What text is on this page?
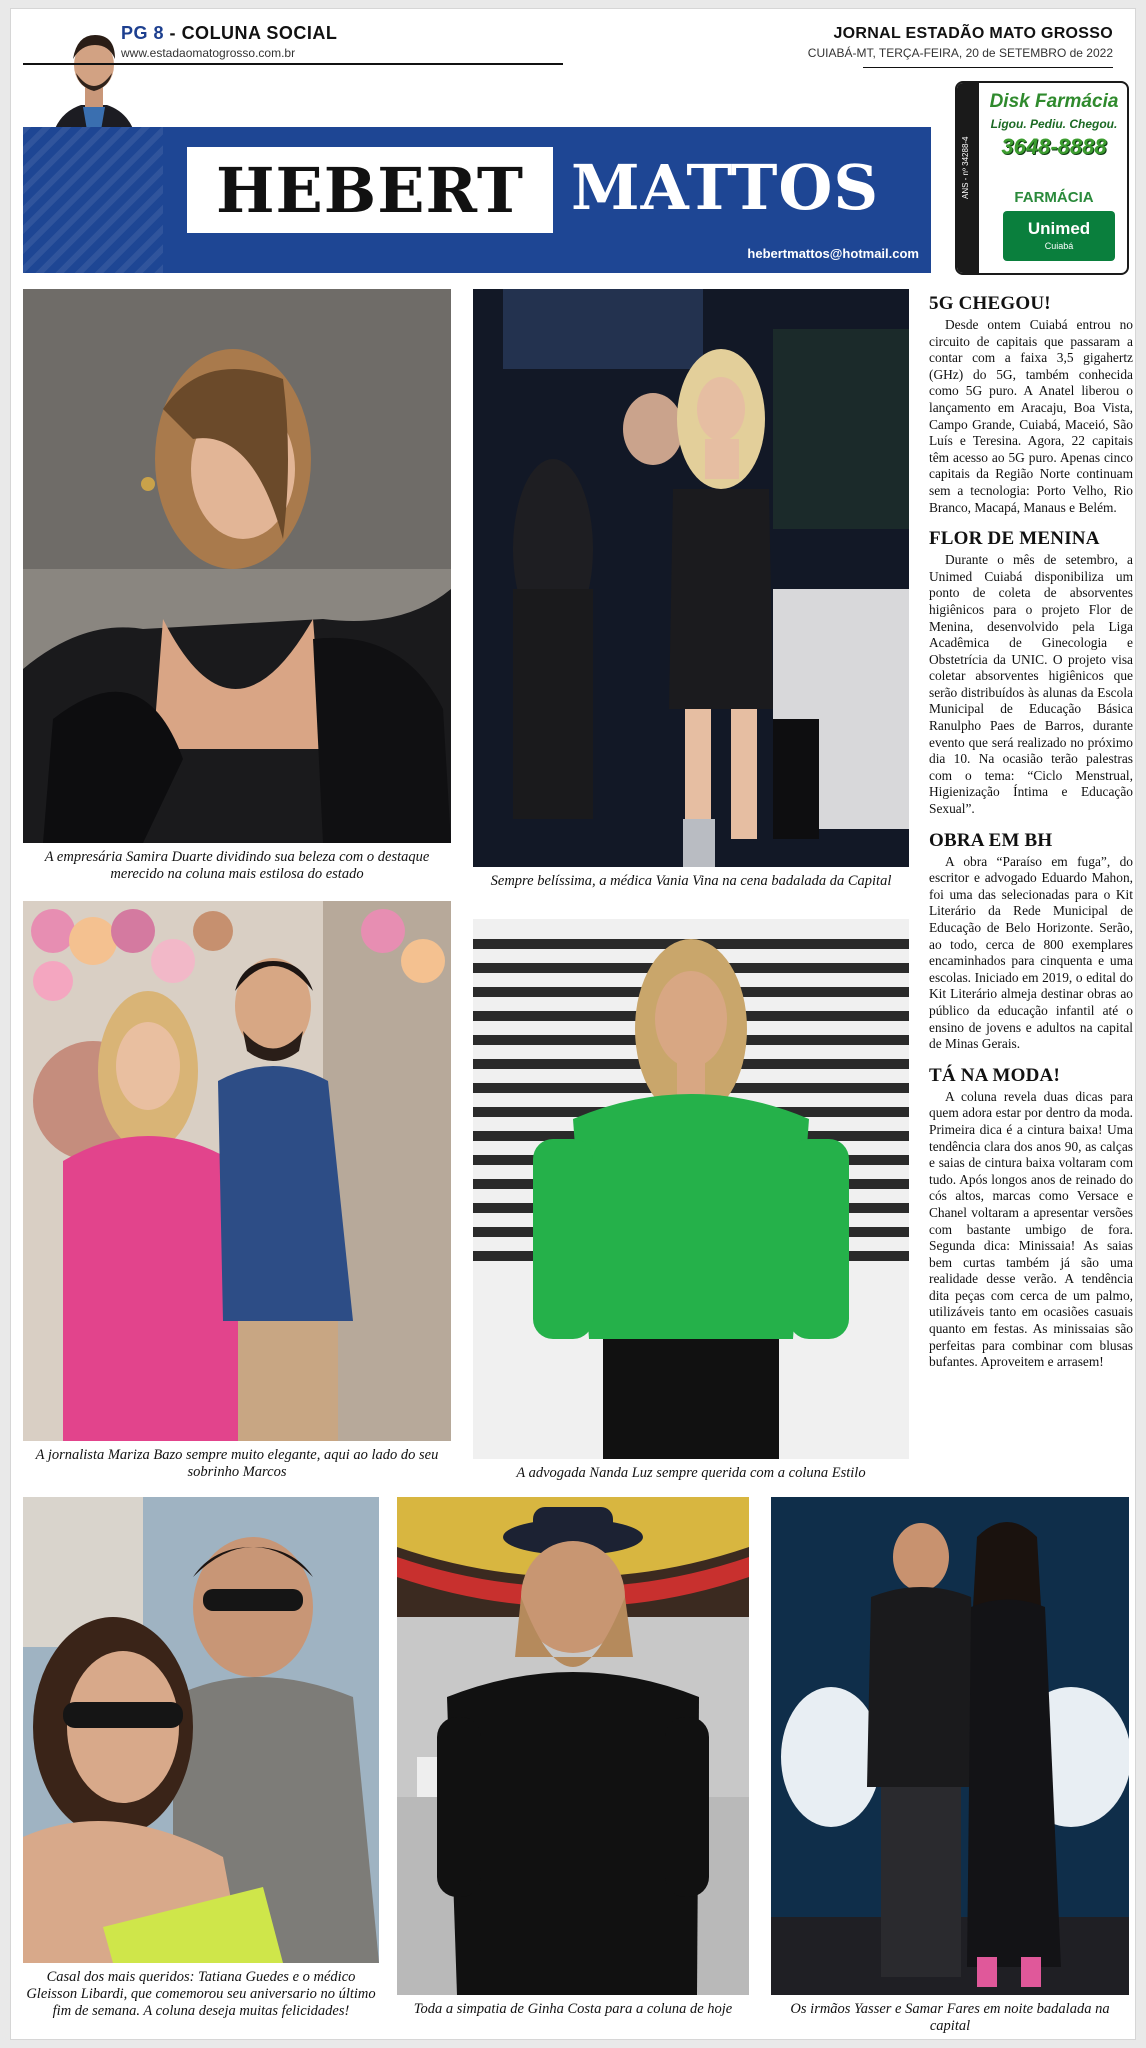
PG 8 - COLUNA SOCIAL
www.estadaomatogrosso.com.br
JORNAL ESTADÃO MATO GROSSO
CUIABÁ-MT, TERÇA-FEIRA, 20 de SETEMBRO de 2022
HEBERT MATTOS
hebertmattos@hotmail.com
ANS - nº 34288-4
Disk Farmácia
Ligou. Pediu. Chegou.
3648-8888
FARMÁCIA
Unimed
Cuiabá
A empresária Samira Duarte dividindo sua beleza com o destaque merecido na coluna mais estilosa do estado	Sempre belíssima, a médica Vania Vina na cena badalada da Capital
A jornalista Mariza Bazo sempre muito elegante, aqui ao lado do seu sobrinho Marcos	A advogada Nanda Luz sempre querida com a coluna Estilo
Casal dos mais queridos: Tatiana Guedes e o médico Gleisson Libardi, que comemorou seu aniversario no último fim de semana. A coluna deseja muitas felicidades!	Toda a simpatia de Ginha Costa para a coluna de hoje	Os irmãos Yasser e Samar Fares em noite badalada na capital
5G CHEGOU!

Desde ontem Cuiabá entrou no circuito de capitais que passaram a contar com a faixa 3,5 gigahertz (GHz) do 5G, também conhecida como 5G puro. A Anatel liberou o lançamento em Aracaju, Boa Vista, Campo Grande, Cuiabá, Maceió, São Luís e Teresina. Agora, 22 capitais têm acesso ao 5G puro. Apenas cinco capitais da Região Norte continuam sem a tecnologia: Porto Velho, Rio Branco, Macapá, Manaus e Belém.

FLOR DE MENINA

Durante o mês de setembro, a Unimed Cuiabá disponibiliza um ponto de coleta de absorventes higiênicos para o projeto Flor de Menina, desenvolvido pela Liga Acadêmica de Ginecologia e Obstetrícia da UNIC. O projeto visa coletar absorventes higiênicos que serão distribuídos às alunas da Escola Municipal de Educação Básica Ranulpho Paes de Barros, durante evento que será realizado no próximo dia 10. Na ocasião terão palestras com o tema: “Ciclo Menstrual, Higienização Íntima e Educação Sexual”.

OBRA EM BH

A obra “Paraíso em fuga”, do escritor e advogado Eduardo Mahon, foi uma das selecionadas para o Kit Literário da Rede Municipal de Educação de Belo Horizonte. Serão, ao todo, cerca de 800 exemplares encaminhados para cinquenta e uma escolas. Iniciado em 2019, o edital do Kit Literário almeja destinar obras ao público da educação infantil até o ensino de jovens e adultos na capital de Minas Gerais.

TÁ NA MODA!

A coluna revela duas dicas para quem adora estar por dentro da moda. Primeira dica é a cintura baixa! Uma tendência clara dos anos 90, as calças e saias de cintura baixa voltaram com tudo. Após longos anos de reinado do cós altos, marcas como Versace e Chanel voltaram a apresentar versões com bastante umbigo de fora. Segunda dica: Minissaia! As saias bem curtas também já são uma realidade desse verão. A tendência dita peças com cerca de um palmo, utilizáveis tanto em ocasiões casuais quanto em festas. As minissaias são perfeitas para combinar com blusas bufantes. Aproveitem e arrasem!
